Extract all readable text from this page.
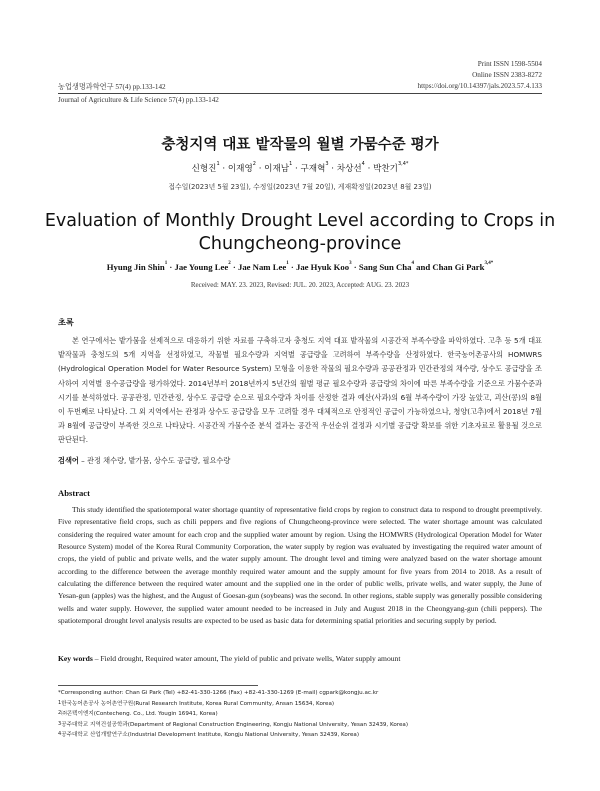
Print ISSN 1598-5504
Online ISSN 2383-8272
농업생명과학연구 57(4) pp.133-142	https://doi.org/10.14397/jals.2023.57.4.133
Journal of Agriculture & Life Science 57(4) pp.133-142
충청지역 대표 밭작물의 월별 가뭄수준 평가
신형진$^1$ · 이재영$^2$ · 이재남$^1$ · 구재혁$^3$ · 차상선$^4$ · 박찬기$^{3,4*}$
접수일(2023년 5월 23일), 수정일(2023년 7월 20일), 게재확정일(2023년 8월 23일)
Evaluation of Monthly Drought Level according to Crops in
Chungcheong-province
Hyung Jin Shin$^1$ · Jae Young Lee$^2$ · Jae Nam Lee$^1$ · Jae Hyuk Koo$^3$ · Sang Sun Cha$^4$ and Chan Gi Park$^{3,4*}$
Received: MAY. 23. 2023, Revised: JUL. 20. 2023, Accepted: AUG. 23. 2023
초록
본 연구에서는 밭가뭄을 선제적으로 대응하기 위한 자료를 구축하고자 충청도 지역 대표 밭작물의 시공간적 부족수량을 파악하였다. 고추 등 5개 대표 밭작물과 충청도의 5개 지역을 선정하였고, 작물별 필요수량과 지역별 공급량을 고려하여 부족수량을 산정하였다. 한국농어촌공사의 HOMWRS (Hydrological Operation Model for Water Resource System) 모형을 이용한 작물의 필요수량과 공공관정과 민간관정의 채수량, 상수도 공급량을 조사하여 지역별 용수공급량을 평가하였다. 2014년부터 2018년까지 5년간의 월별 평균 필요수량과 공급량의 차이에 따른 부족수량을 기준으로 가뭄수준과 시기를 분석하였다. 공공관정, 민간관정, 상수도 공급량 순으로 필요수량과 차이를 산정한 결과 예산(사과)의 6월 부족수량이 가장 높았고, 괴산(콩)의 8월이 두번째로 나타났다. 그 외 지역에서는 관정과 상수도 공급량을 모두 고려할 경우 대체적으로 안정적인 공급이 가능하였으나, 청양(고추)에서 2018년 7월과 8월에 공급량이 부족한 것으로 나타났다. 시공간적 가뭄수준 분석 결과는 공간적 우선순위 결정과 시기별 공급량 확보를 위한 기초자료로 활용될 것으로 판단된다.
검색어 – 관정 채수량, 밭가뭄, 상수도 공급량, 필요수량
Abstract
This study identified the spatiotemporal water shortage quantity of representative field crops by region to construct data to respond to drought preemptively. Five representative field crops, such as chili peppers and five regions of Chungcheong-province were selected. The water shortage amount was calculated considering the required water amount for each crop and the supplied water amount by region. Using the HOMWRS (Hydrological Operation Model for Water Resource System) model of the Korea Rural Community Corporation, the water supply by region was evaluated by investigating the required water amount of crops, the yield of public and private wells, and the water supply amount. The drought level and timing were analyzed based on the water shortage amount according to the difference between the average monthly required water amount and the supply amount for five years from 2014 to 2018. As a result of calculating the difference between the required water amount and the supplied one in the order of public wells, private wells, and water supply, the June of Yesan-gun (apples) was the highest, and the August of Goesan-gun (soybeans) was the second. In other regions, stable supply was generally possible considering wells and water supply. However, the supplied water amount needed to be increased in July and August 2018 in the Cheongyang-gun (chili peppers). The spatiotemporal drought level analysis results are expected to be used as basic data for determining spatial priorities and securing supply by period.
Key words – Field drought, Required water amount, The yield of public and private wells, Water supply amount
*Corresponding author: Chan Gi Park (Tel) +82-41-330-1266 (Fax) +82-41-330-1269 (E-mail) cgpark@kongju.ac.kr
$^1$한국농어촌공사 농어촌연구원(Rural Research Institute, Korea Rural Community, Ansan 15634, Korea)
$^2$㈜콘텍이엔지(Contecheng. Co., Ltd. Yougin 16941, Korea)
$^3$공주대학교 지역건설공학과(Department of Regional Construction Engineering, Kongju National University, Yesan 32439, Korea)
$^4$공주대학교 산업개발연구소(Industrial Development Institute, Kongju National University, Yesan 32439, Korea)
